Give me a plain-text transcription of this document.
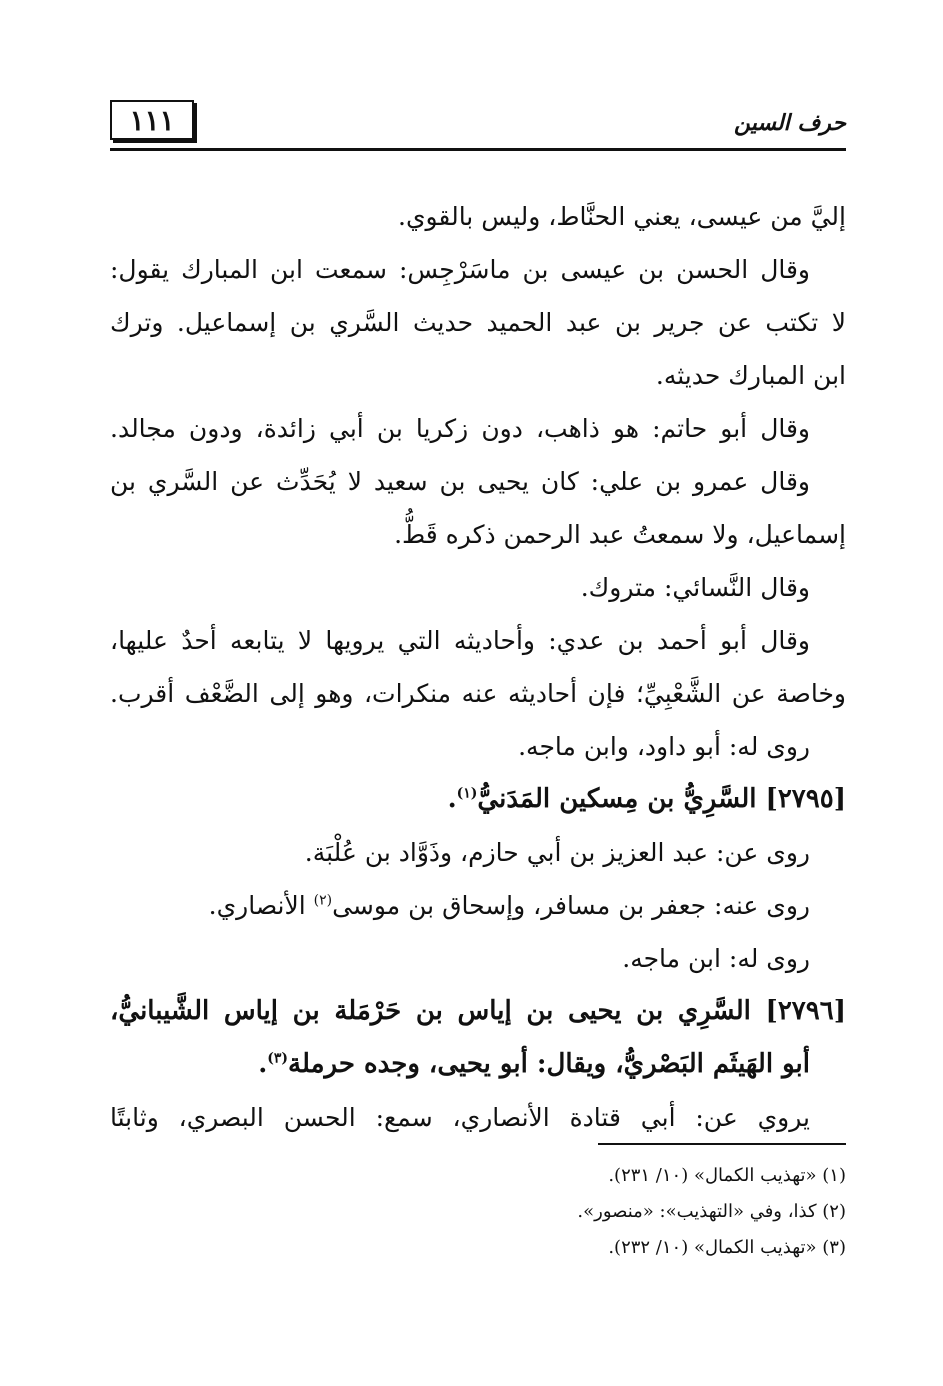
١١١	حرف السين
إليَّ من عيسى، يعني الحنَّاط، وليس بالقوي.
وقال الحسن بن عيسى بن ماسَرْجِس: سمعت ابن المبارك يقول:
لا تكتب عن جرير بن عبد الحميد حديث السَّري بن إسماعيل. وترك
ابن المبارك حديثه.
وقال أبو حاتم: هو ذاهب، دون زكريا بن أبي زائدة، ودون مجالد.
وقال عمرو بن علي: كان يحيى بن سعيد لا يُحَدِّث عن السَّري بن
إسماعيل، ولا سمعتُ عبد الرحمن ذكره قَطُّ.
وقال النَّسائي: متروك.
وقال أبو أحمد بن عدي: وأحاديثه التي يرويها لا يتابعه أحدٌ عليها،
وخاصة عن الشَّعْبِيِّ؛ فإن أحاديثه عنه منكرات، وهو إلى الضَّعْف أقرب.
روى له: أبو داود، وابن ماجه.
[٢٧٩٥] السَّرِيُّ بن مِسكين المَدَنيُّ$^{(١)}$.
روى عن: عبد العزيز بن أبي حازم، وذَوَّاد بن عُلْبَة.
روى عنه: جعفر بن مسافر، وإسحاق بن موسى$^{(٢)}$ الأنصاري.
روى له: ابن ماجه.
[٢٧٩٦] السَّرِي بن يحيى بن إياس بن حَرْمَلة بن إياس الشَّيبانيُّ،
أبو الهَيثَم البَصْريُّ، ويقال: أبو يحيى، وجده حرملة$^{(٣)}$.
يروي عن: أبي قتادة الأنصاري، سمع: الحسن البصري، وثابتًا
(١) «تهذيب الكمال» (١٠/ ٢٣١).
(٢) كذا، وفي «التهذيب»: «منصور».
(٣) «تهذيب الكمال» (١٠/ ٢٣٢).
